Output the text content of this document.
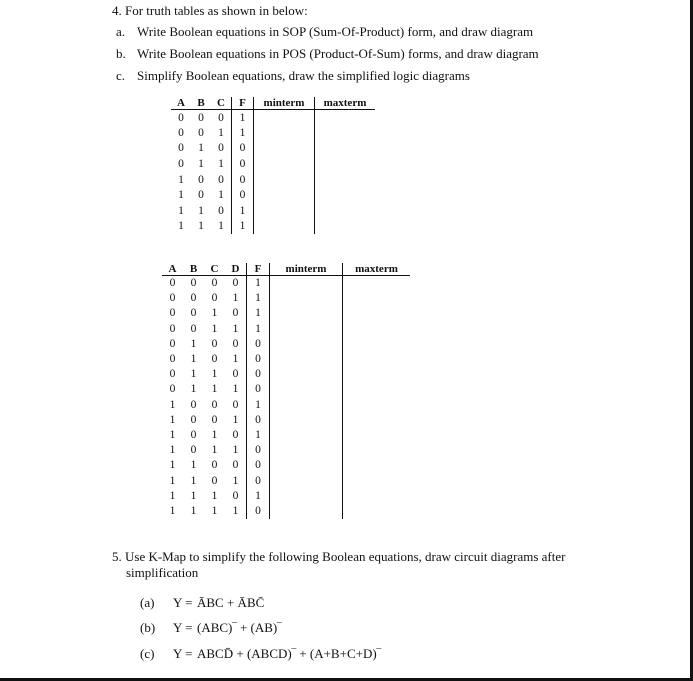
4. For truth tables as shown in below:
a. Write Boolean equations in SOP (Sum-Of-Product) form, and draw diagram
b. Write Boolean equations in POS (Product-Of-Sum) forms, and draw diagram
c. Simplify Boolean equations, draw the simplified logic diagrams
A	B	C	F	minterm	maxterm
0	0	0	1		
0	0	1	1		
0	1	0	0		
0	1	1	0		
1	0	0	0		
1	0	1	0		
1	1	0	1		
1	1	1	1		
A	B	C	D	F	minterm	maxterm
0	0	0	0	1		
0	0	0	1	1		
0	0	1	0	1		
0	0	1	1	1		
0	1	0	0	0		
0	1	0	1	0		
0	1	1	0	0		
0	1	1	1	0		
1	0	0	0	1		
1	0	0	1	0		
1	0	1	0	1		
1	0	1	1	0		
1	1	0	0	0		
1	1	0	1	0		
1	1	1	0	1		
1	1	1	1	0		
5. Use K-Map to simplify the following Boolean equations, draw circuit diagrams after
simplification
(a) Y = ĀBC + ĀBC̄
(b) Y = (ABC)‾ + (AB)‾
(c) Y = ABCD̄ + (ABCD)‾ + (A+B+C+D)‾
